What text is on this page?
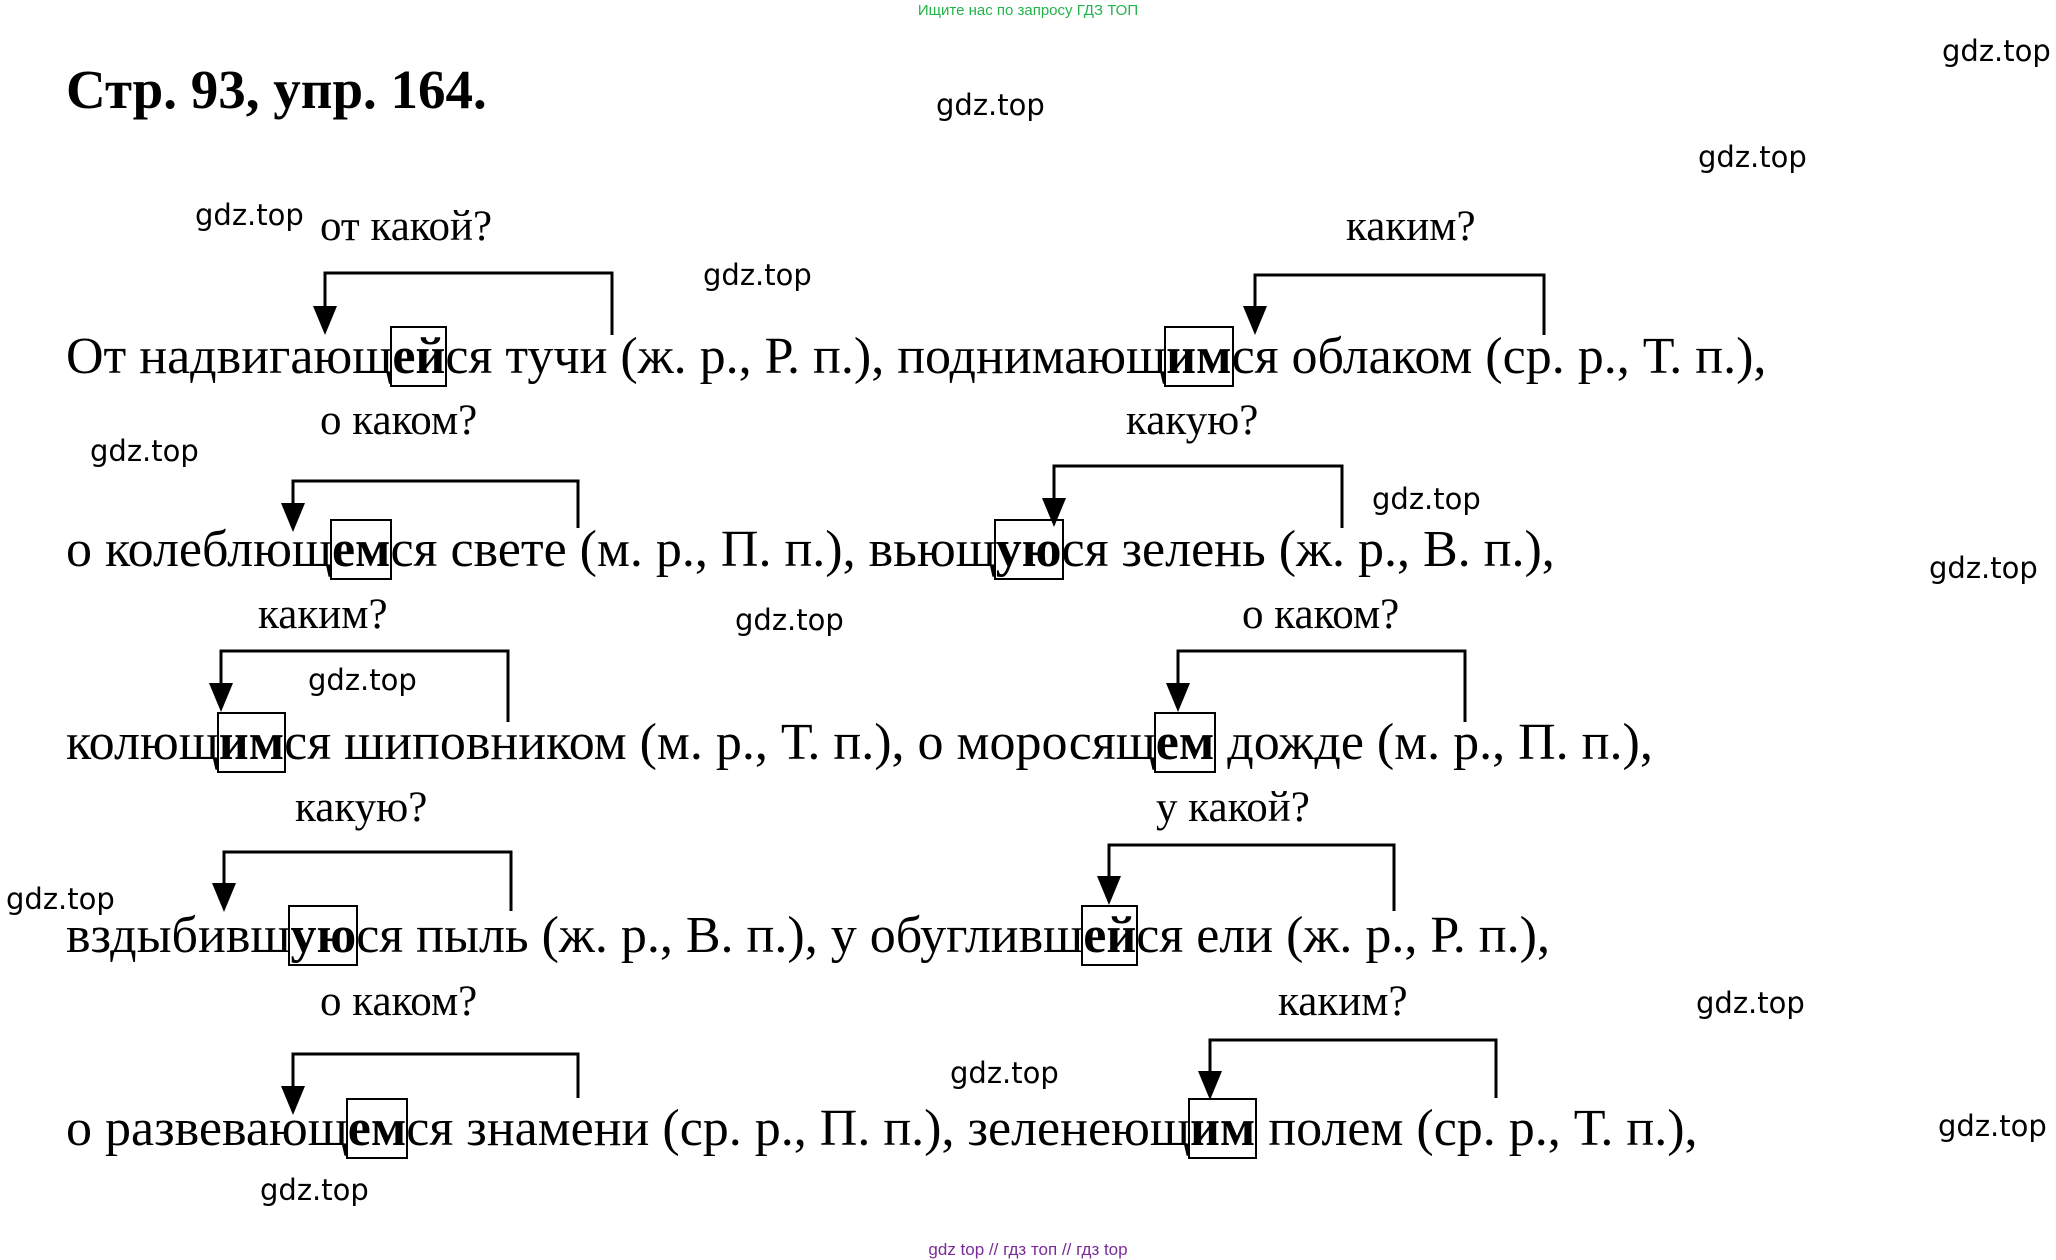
Ищите нас по запросу ГДЗ ТОП
Стр. 93, упр. 164.
gdz.top
gdz.top
gdz.top
gdz.top
gdz.top
gdz.top
gdz.top
gdz.top
gdz.top
gdz.top
gdz.top
gdz.top
gdz.top
gdz.top
gdz.top
от какой?	каким?
о каком?	какую?
каким?	о каком?
какую?	у какой?
о каком?	каким?
От надвигающейся тучи (ж. р., Р. п.), поднимающимся облаком (ср. р., Т. п.),
о колеблющемся свете (м. р., П. п.), вьющуюся зелень (ж. р., В. п.),
колющимся шиповником (м. р., Т. п.), о моросящем дожде (м. р., П. п.),
вздыбившуюся пыль (ж. р., В. п.), у обуглившейся ели (ж. р., Р. п.),
о развевающемся знамени (ср. р., П. п.), зеленеющим полем (ср. р., Т. п.),
gdz top // гдз топ // гдз top
